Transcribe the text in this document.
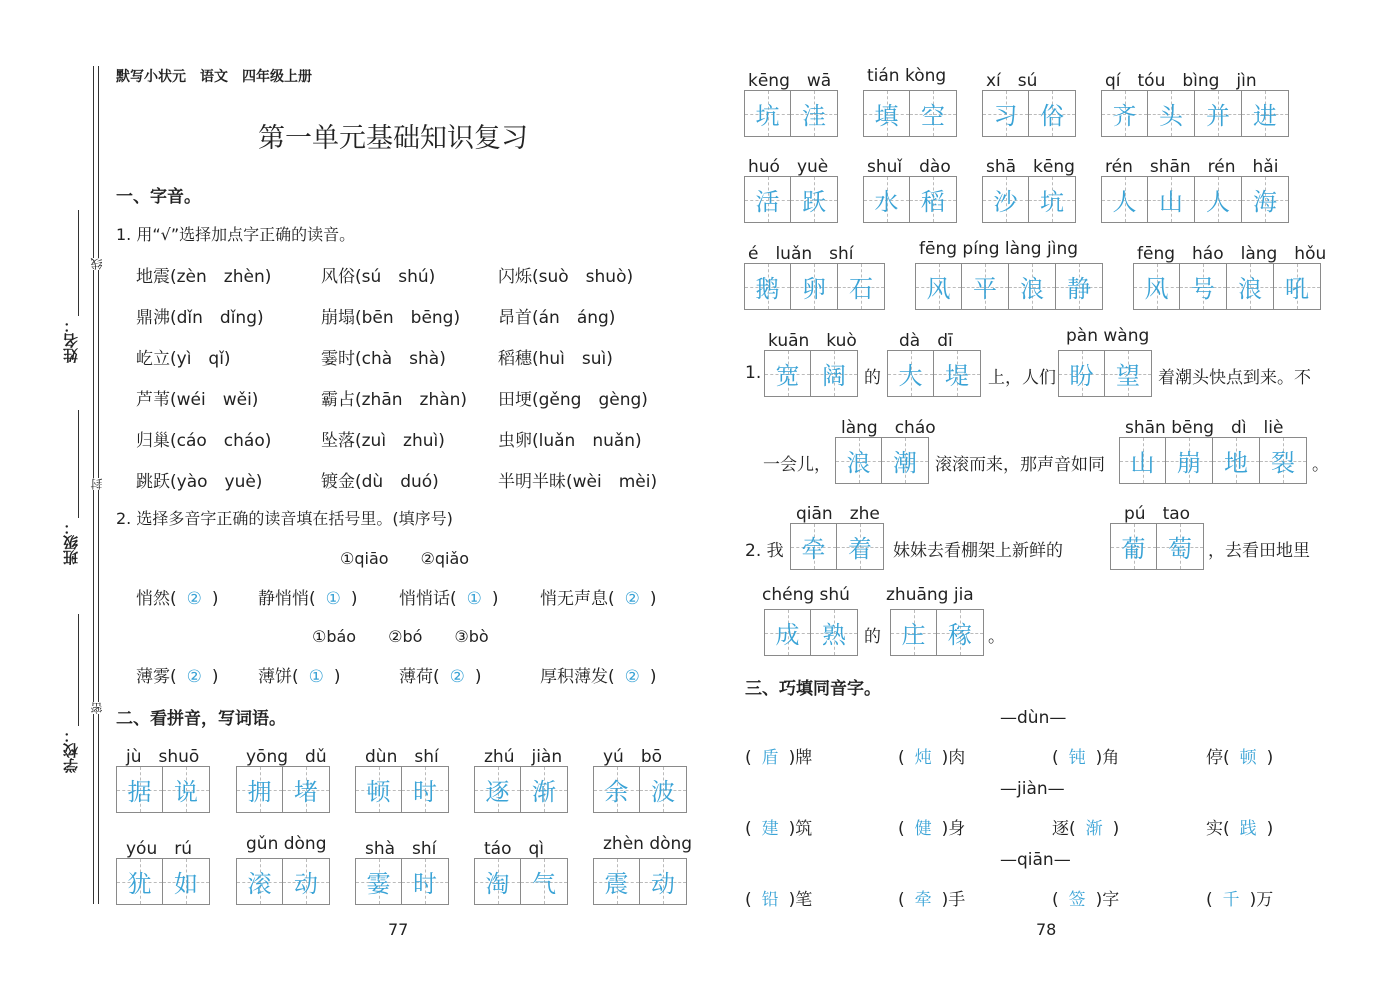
姓名：
班级：
学校：
线
封
密
默写小状元　语文　四年级上册
第一单元基础知识复习
一、字音。
1. 用“√”选择加点字正确的读音。
地震(zèn　zhèn)	风俗(sú　shú)	闪烁(suò　shuò)
鼎沸(dǐn　dǐng)	崩塌(bēn　bēng) 昂首(án　áng)
屹立(yì　qǐ)	霎时(chà　shà)	稻穗(huì　suì)
芦苇(wéi　wěi)	霸占(zhān　zhàn) 田埂(gěng　gèng)
归巢(cáo　cháo)	坠落(zuì　zhuì)	虫卵(luǎn　nuǎn)
跳跃(yào　yuè)	镀金(dù　duó)	半明半昧(wèi　mèi)
2. 选择多音字正确的读音填在括号里。(填序号)
①qiāo　　②qiǎo
悄然( ② ) 静悄悄( ① ) 悄悄话( ① ) 悄无声息( ② )
①báo　　②bó　　③bò
薄雾( ② ) 薄饼( ① )	薄荷( ② )	厚积薄发( ② )
二、看拼音，写词语。
jù　shuō
据 说
yōng　dǔ
拥 堵
dùn　shí
顿 时
zhú　jiàn
逐 渐
yú　bō
余 波
yóu　rú
犹 如
gǔn dòng
滚 动
shà　shí
霎 时
táo　qì
淘 气
zhèn dòng
震 动
77
kēng　wā
坑 洼
tián kòng
填 空
xí　sú
习 俗
qí　tóu　bìng　jìn
齐 头 并 进
huó　yuè
活 跃
shuǐ　dào
水 稻
shā　kēng
沙 坑
rén　shān　rén　hǎi
人 山 人 海
é　luǎn　shí
鹅 卵 石
fēng píng làng jìng
风 平 浪 静
fēng　háo　làng　hǒu
风 号 浪 吼
1.
kuān　kuò
宽 阔 的
dà　dī
大 堤 上，人们
pàn wàng
盼 望 着潮头快点到来。不
一会儿，
làng　cháo
浪 潮 滚滚而来，那声音如同
shān bēng　dì　liè
山 崩 地 裂 。
2. 我
qiān　zhe
牵 着 妹妹去看棚架上新鲜的
pú　tao
葡 萄 ，去看田地里
chéng shú
成 熟 的
zhuāng jia
庄 稼 。
三、巧填同音字。
—dùn—
( 盾 )牌	( 炖 )肉	( 钝 )角	停( 顿 )
—jiàn—
( 建 )筑	( 健 )身	逐( 渐 )	实( 践 )
—qiān—
( 铅 )笔	( 牵 )手	( 签 )字	( 千 )万
78
